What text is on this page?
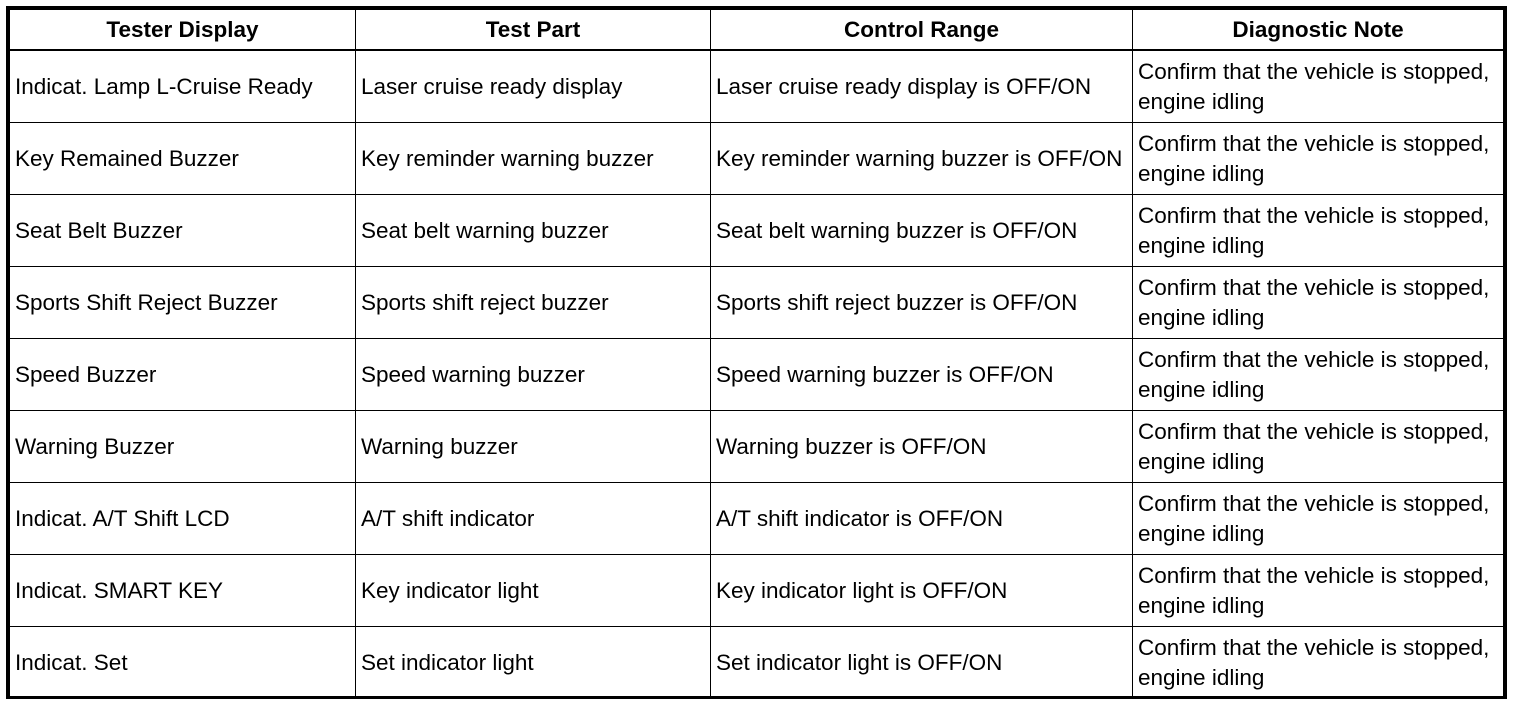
Tester Display	Test Part	Control Range	Diagnostic Note
Indicat. Lamp L-Cruise Ready	Laser cruise ready display	Laser cruise ready display is OFF/ON	Confirm that the vehicle is stopped, engine idling
Key Remained Buzzer	Key reminder warning buzzer	Key reminder warning buzzer is OFF/ON	Confirm that the vehicle is stopped, engine idling
Seat Belt Buzzer	Seat belt warning buzzer	Seat belt warning buzzer is OFF/ON	Confirm that the vehicle is stopped, engine idling
Sports Shift Reject Buzzer	Sports shift reject buzzer	Sports shift reject buzzer is OFF/ON	Confirm that the vehicle is stopped, engine idling
Speed Buzzer	Speed warning buzzer	Speed warning buzzer is OFF/ON	Confirm that the vehicle is stopped, engine idling
Warning Buzzer	Warning buzzer	Warning buzzer is OFF/ON	Confirm that the vehicle is stopped, engine idling
Indicat. A/T Shift LCD	A/T shift indicator	A/T shift indicator is OFF/ON	Confirm that the vehicle is stopped, engine idling
Indicat. SMART KEY	Key indicator light	Key indicator light is OFF/ON	Confirm that the vehicle is stopped, engine idling
Indicat. Set	Set indicator light	Set indicator light is OFF/ON	Confirm that the vehicle is stopped, engine idling
